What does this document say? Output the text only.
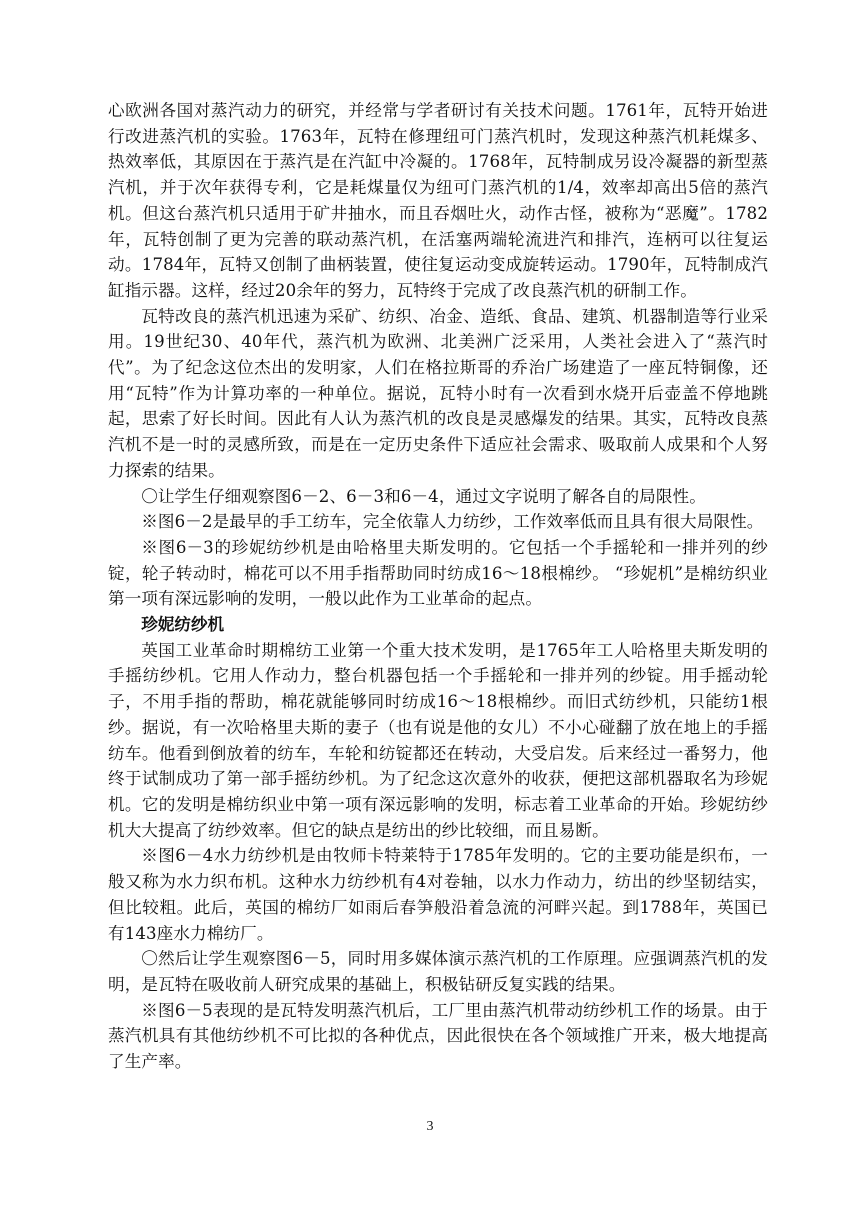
心欧洲各国对蒸汽动力的研究，并经常与学者研讨有关技术问题。1761年，瓦特开始进行改进蒸汽机的实验。1763年，瓦特在修理纽可门蒸汽机时，发现这种蒸汽机耗煤多、热效率低，其原因在于蒸汽是在汽缸中冷凝的。1768年，瓦特制成另设冷凝器的新型蒸汽机，并于次年获得专利，它是耗煤量仅为纽可门蒸汽机的1/4，效率却高出5倍的蒸汽机。但这台蒸汽机只适用于矿井抽水，而且吞烟吐火，动作古怪，被称为“恶魔”。1782年，瓦特创制了更为完善的联动蒸汽机，在活塞两端轮流进汽和排汽，连柄可以往复运动。1784年，瓦特又创制了曲柄装置，使往复运动变成旋转运动。1790年，瓦特制成汽缸指示器。这样，经过20余年的努力，瓦特终于完成了改良蒸汽机的研制工作。

瓦特改良的蒸汽机迅速为采矿、纺织、冶金、造纸、食品、建筑、机器制造等行业采用。19世纪30、40年代，蒸汽机为欧洲、北美洲广泛采用，人类社会进入了“蒸汽时代”。为了纪念这位杰出的发明家，人们在格拉斯哥的乔治广场建造了一座瓦特铜像，还用“瓦特”作为计算功率的一种单位。据说，瓦特小时有一次看到水烧开后壶盖不停地跳起，思索了好长时间。因此有人认为蒸汽机的改良是灵感爆发的结果。其实，瓦特改良蒸汽机不是一时的灵感所致，而是在一定历史条件下适应社会需求、吸取前人成果和个人努力探索的结果。

〇让学生仔细观察图6－2、6－3和6－4，通过文字说明了解各自的局限性。

※图6－2是最早的手工纺车，完全依靠人力纺纱，工作效率低而且具有很大局限性。

※图6－3的珍妮纺纱机是由哈格里夫斯发明的。它包括一个手摇轮和一排并列的纱锭，轮子转动时，棉花可以不用手指帮助同时纺成16～18根棉纱。 “珍妮机”是棉纺织业第一项有深远影响的发明，一般以此作为工业革命的起点。

珍妮纺纱机

英国工业革命时期棉纺工业第一个重大技术发明，是1765年工人哈格里夫斯发明的手摇纺纱机。它用人作动力，整台机器包括一个手摇轮和一排并列的纱锭。用手摇动轮子，不用手指的帮助，棉花就能够同时纺成16～18根棉纱。而旧式纺纱机，只能纺1根纱。据说，有一次哈格里夫斯的妻子（也有说是他的女儿）不小心碰翻了放在地上的手摇纺车。他看到倒放着的纺车，车轮和纺锭都还在转动，大受启发。后来经过一番努力，他终于试制成功了第一部手摇纺纱机。为了纪念这次意外的收获，便把这部机器取名为珍妮机。它的发明是棉纺织业中第一项有深远影响的发明，标志着工业革命的开始。珍妮纺纱机大大提高了纺纱效率。但它的缺点是纺出的纱比较细，而且易断。

※图6－4水力纺纱机是由牧师卡特莱特于1785年发明的。它的主要功能是织布，一般又称为水力织布机。这种水力纺纱机有4对卷轴，以水力作动力，纺出的纱坚韧结实，但比较粗。此后，英国的棉纺厂如雨后春笋般沿着急流的河畔兴起。到1788年，英国已有143座水力棉纺厂。

〇然后让学生观察图6－5，同时用多媒体演示蒸汽机的工作原理。应强调蒸汽机的发明，是瓦特在吸收前人研究成果的基础上，积极钻研反复实践的结果。

※图6－5表现的是瓦特发明蒸汽机后，工厂里由蒸汽机带动纺纱机工作的场景。由于蒸汽机具有其他纺纱机不可比拟的各种优点，因此很快在各个领域推广开来，极大地提高了生产率。

3
